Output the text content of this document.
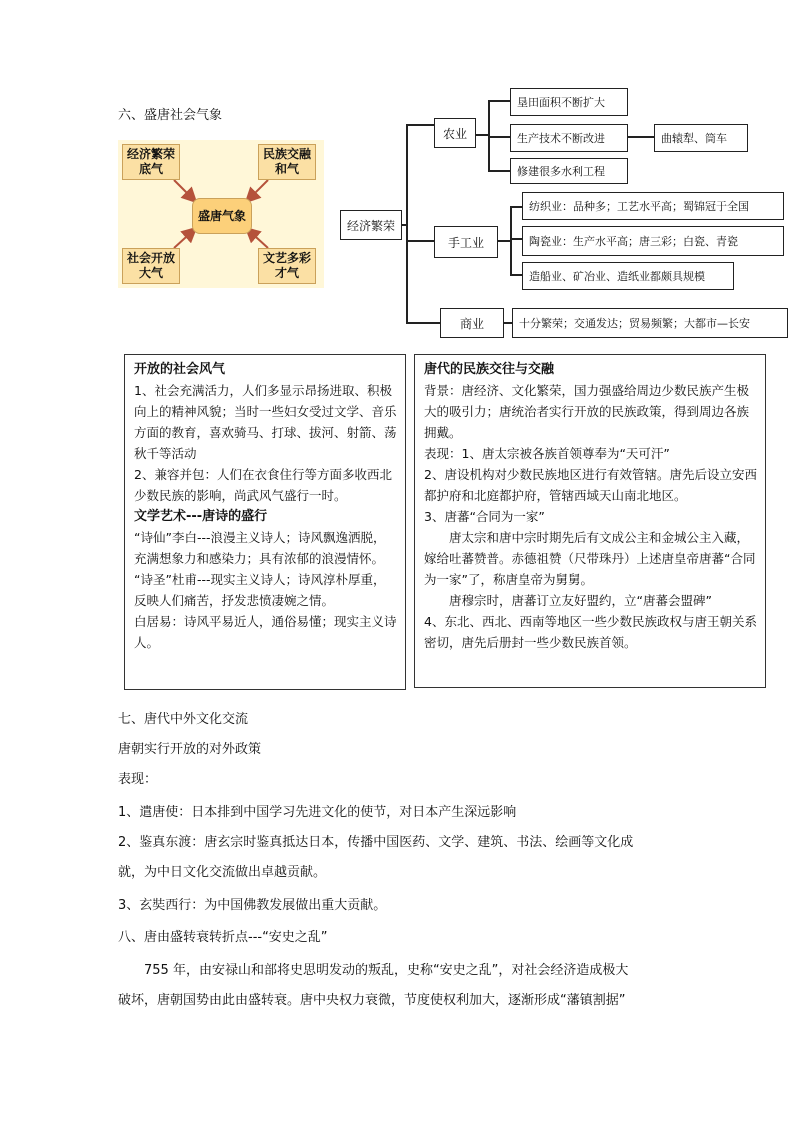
六、盛唐社会气象
经济繁荣
底气
民族交融
和气
盛唐气象
社会开放
大气
文艺多彩
才气
经济繁荣
农业
手工业
商业
垦田面积不断扩大
生产技术不断改进
修建很多水利工程
曲辕犁、筒车
纺织业：品种多；工艺水平高；蜀锦冠于全国
陶瓷业：生产水平高；唐三彩；白瓷、青瓷
造船业、矿冶业、造纸业都颇具规模
十分繁荣；交通发达；贸易频繁；大都市—长安

开放的社会风气

1、社会充满活力，人们多显示昂扬进取、积极向上的精神风貌；当时一些妇女受过文学、音乐方面的教育，喜欢骑马、打球、拔河、射箭、荡秋千等活动

2、兼容并包：人们在衣食住行等方面多收西北少数民族的影响，尚武风气盛行一时。

文学艺术---唐诗的盛行

“诗仙”李白---浪漫主义诗人；诗风飘逸洒脱，充满想象力和感染力；具有浓郁的浪漫情怀。

“诗圣”杜甫---现实主义诗人；诗风淳朴厚重，反映人们痛苦，抒发悲愤凄婉之情。

白居易：诗风平易近人，通俗易懂；现实主义诗人。

唐代的民族交往与交融

背景：唐经济、文化繁荣，国力强盛给周边少数民族产生极大的吸引力；唐统治者实行开放的民族政策，得到周边各族拥戴。

表现：1、唐太宗被各族首领尊奉为“天可汗”

2、唐设机构对少数民族地区进行有效管辖。唐先后设立安西都护府和北庭都护府，管辖西域天山南北地区。

3、唐蕃“合同为一家”

唐太宗和唐中宗时期先后有文成公主和金城公主入藏，嫁给吐蕃赞普。赤德祖赞（尺带珠丹）上述唐皇帝唐蕃“合同为一家”了，称唐皇帝为舅舅。

唐穆宗时，唐蕃订立友好盟约，立“唐蕃会盟碑”

4、东北、西北、西南等地区一些少数民族政权与唐王朝关系密切，唐先后册封一些少数民族首领。

七、唐代中外文化交流

唐朝实行开放的对外政策

表现：

1、遣唐使：日本排到中国学习先进文化的使节，对日本产生深远影响

2、鉴真东渡：唐玄宗时鉴真抵达日本，传播中国医药、文学、建筑、书法、绘画等文化成

就，为中日文化交流做出卓越贡献。

3、玄奘西行：为中国佛教发展做出重大贡献。

八、唐由盛转衰转折点---“安史之乱”

755 年，由安禄山和部将史思明发动的叛乱，史称“安史之乱”，对社会经济造成极大

破坏，唐朝国势由此由盛转衰。唐中央权力衰微，节度使权利加大，逐渐形成“藩镇割据”
